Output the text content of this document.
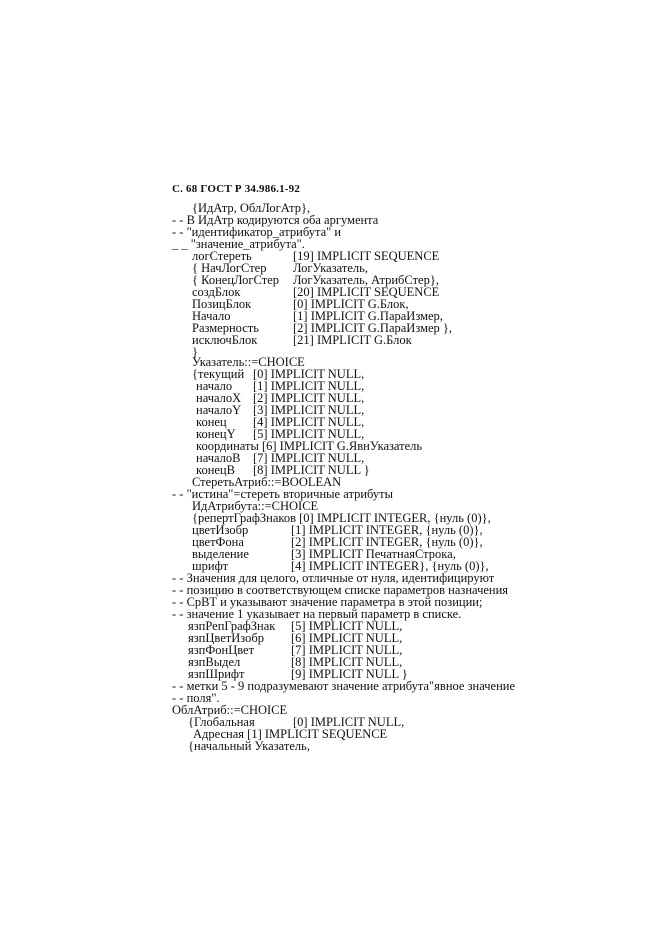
С. 68 ГОСТ Р 34.986.1-92
{ИдАтр, ОблЛогАтр},
- - В ИдАтр кодируются оба аргумента
- - "идентификатор_атрибута" и
_ _ "значение_атрибута".
логСтереть	[19] IMPLICIT SEQUENCE
{ НачЛогСтер ЛогУказатель,
{ КонецЛогСтер ЛогУказатель, АтрибСтер},
создБлок	[20] IMPLICIT SEQUENCE
ПозицБлок	[0] IMPLICIT G.Блок,
Начало	[1] IMPLICIT G.ПараИзмер,
Размерность	[2] IMPLICIT G.ПараИзмер },
исключБлок	[21] IMPLICIT G.Блок
}
Указатель::=CHOICE
{текущий [0] IMPLICIT NULL,
начало [1] IMPLICIT NULL,
началоX [2] IMPLICIT NULL,
началоY [3] IMPLICIT NULL,
конец [4] IMPLICIT NULL,
конецY [5] IMPLICIT NULL,
координаты [6] IMPLICIT G.ЯвнУказатель
началоВ [7] IMPLICIT NULL,
конецВ [8] IMPLICIT NULL }
СтеретьАтриб::=BOOLEAN
- - "истина"=стереть вторичные атрибуты
ИдАтрибута::=CHOICE
{репертГрафЗнаков [0] IMPLICIT INTEGER, {нуль (0)},
цветИзобр	[1] IMPLICIT INTEGER, {нуль (0)},
цветФона	[2] IMPLICIT INTEGER, {нуль (0)},
выделение	[3] IMPLICIT ПечатнаяСтрока,
шрифт	[4] IMPLICIT INTEGER}, {нуль (0)},
- - Значения для целого, отличные от нуля, идентифицируют
- - позицию в соответствующем списке параметров назначения
- - СрВТ и указывают значение параметра в этой позиции;
- - значение 1 указывает на первый параметр в списке.
язпРепГрафЗнак [5] IMPLICIT NULL,
язпЦветИзобр [6] IMPLICIT NULL,
язпФонЦвет	[7] IMPLICIT NULL,
язпВыдел	[8] IMPLICIT NULL,
язпШрифт	[9] IMPLICIT NULL }
- - метки 5 - 9 подразумевают значение атрибута"явное значение
- - поля".
ОблАтриб::=CHOICE
{Глобальная	[0] IMPLICIT NULL,
Адресная [1] IMPLICIT SEQUENCE
{начальный Указатель,
